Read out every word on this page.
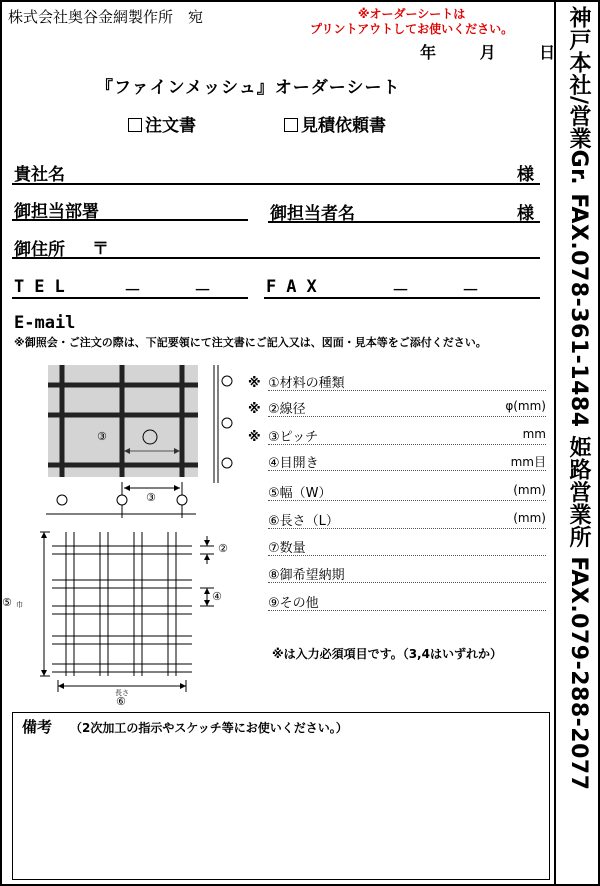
株式会社奥谷金網製作所　宛	※オーダーシートは
プリントアウトしてお使いください。
年 月 日
『ファインメッシュ』オーダーシート
注文書	見積依頼書
貴社名	様
御担当部署	御担当者名	様
御住所 〒
TEL	－	－	FAX	－	－
E-mail
※御照会・ご注文の際は、下記要領にて注文書にご記入又は、図面・見本等をご添付ください。
③
③
②
④
⑤ 巾
長さ
⑥
※ ①材料の種類
※ ②線径	φ(mm)
※ ③ピッチ	mm
④目開き	mm目
⑤幅（W）	(mm)
⑥長さ（L）	(mm)
⑦数量
⑧御希望納期
⑨その他
※は入力必須項目です。（3,4はいずれか）
備考 （2次加工の指示やスケッチ等にお使いください。）	神戸本社/営業Gr. FAX.078-361-1484 姫路営業所 FAX.079-288-2077
